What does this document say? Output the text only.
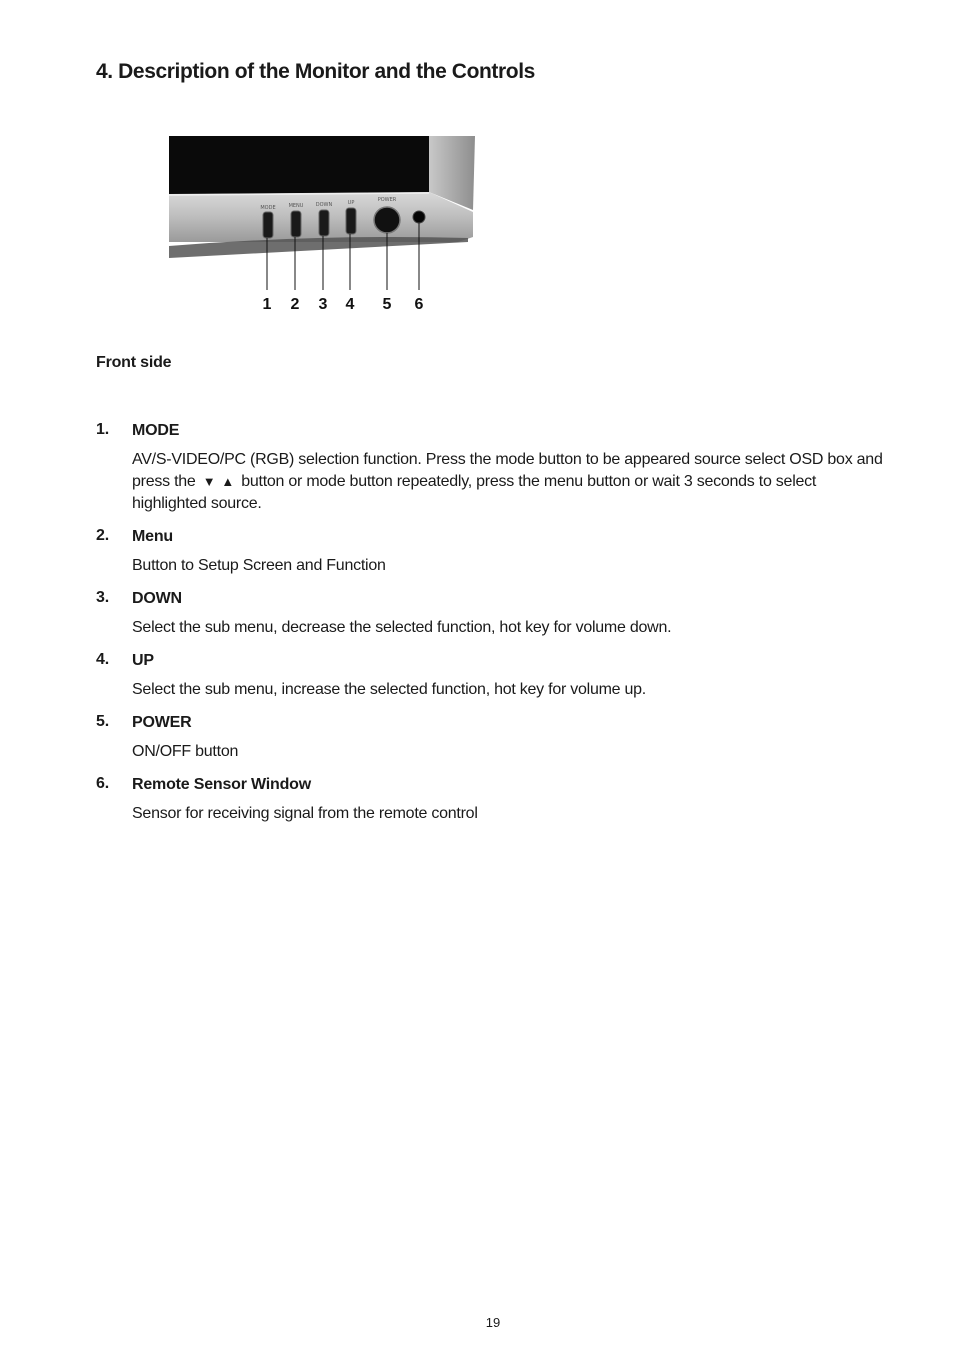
4. Description of the Monitor and the Controls
MODE	MENU DOWN	UP	POWER
1 2 3 4 5 6
Front side
1. MODE
AV/S-VIDEO/PC (RGB) selection function. Press the mode button to be appeared source select OSD box and press the ▼ ▲ button or mode button repeatedly, press the menu button or wait 3 seconds to select highlighted source.
2. Menu
Button to Setup Screen and Function
3. DOWN
Select the sub menu, decrease the selected function, hot key for volume down.
4. UP
Select the sub menu, increase the selected function, hot key for volume up.
5. POWER
ON/OFF button
6. Remote Sensor Window
Sensor for receiving signal from the remote control
19
